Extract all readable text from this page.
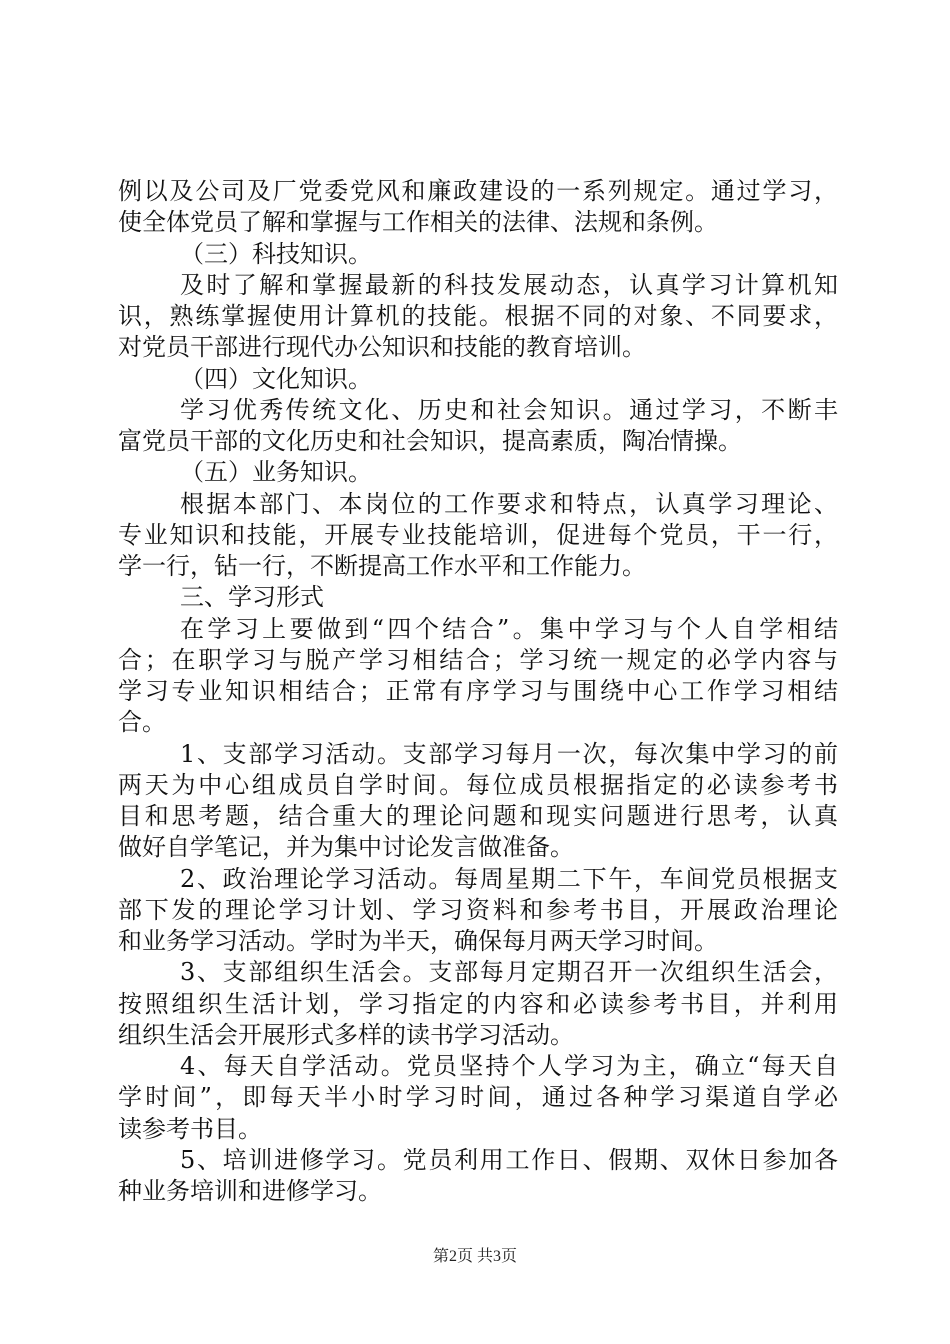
例以及公司及厂党委党风和廉政建设的一系列规定。通过学习，
使全体党员了解和掌握与工作相关的法律、法规和条例。
（三）科技知识。
及时了解和掌握最新的科技发展动态，认真学习计算机知
识，熟练掌握使用计算机的技能。根据不同的对象、不同要求，
对党员干部进行现代办公知识和技能的教育培训。
（四）文化知识。
学习优秀传统文化、历史和社会知识。通过学习，不断丰
富党员干部的文化历史和社会知识，提高素质，陶冶情操。
（五）业务知识。
根据本部门、本岗位的工作要求和特点，认真学习理论、
专业知识和技能，开展专业技能培训，促进每个党员，干一行，
学一行，钻一行，不断提高工作水平和工作能力。
三、学习形式
在学习上要做到“四个结合”。集中学习与个人自学相结
合；在职学习与脱产学习相结合；学习统一规定的必学内容与
学习专业知识相结合；正常有序学习与围绕中心工作学习相结
合。
1、支部学习活动。支部学习每月一次，每次集中学习的前
两天为中心组成员自学时间。每位成员根据指定的必读参考书
目和思考题，结合重大的理论问题和现实问题进行思考，认真
做好自学笔记，并为集中讨论发言做准备。
2、政治理论学习活动。每周星期二下午，车间党员根据支
部下发的理论学习计划、学习资料和参考书目，开展政治理论
和业务学习活动。学时为半天，确保每月两天学习时间。
3、支部组织生活会。支部每月定期召开一次组织生活会，
按照组织生活计划，学习指定的内容和必读参考书目，并利用
组织生活会开展形式多样的读书学习活动。
4、每天自学活动。党员坚持个人学习为主，确立“每天自
学时间”，即每天半小时学习时间，通过各种学习渠道自学必
读参考书目。
5、培训进修学习。党员利用工作日、假期、双休日参加各
种业务培训和进修学习。
第2页 共3页
